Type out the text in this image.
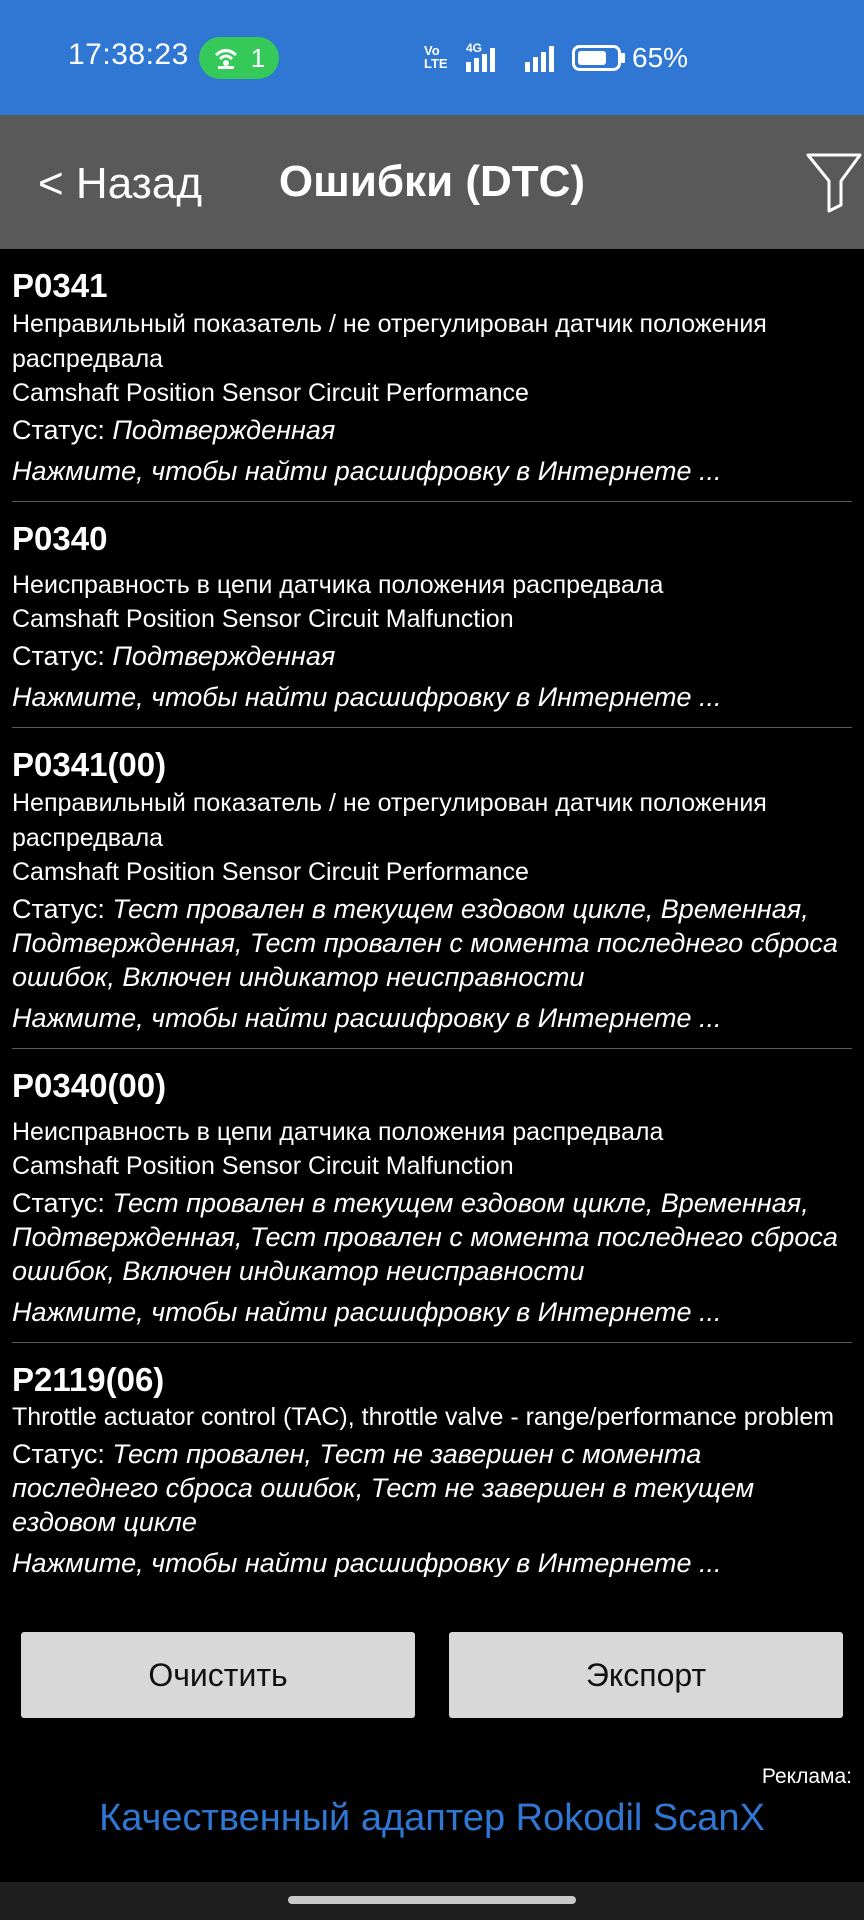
17:38:23 1	Vo LTE
4G	65%
< Назад	Ошибки (DTC)
P0341
Неправильный показатель / не отрегулирован датчик положения распредвала
Camshaft Position Sensor Circuit Performance
Статус: Подтвержденная
Нажмите, чтобы найти расшифровку в Интернете ...
P0340
Неисправность в цепи датчика положения распредвала
Camshaft Position Sensor Circuit Malfunction
Статус: Подтвержденная
Нажмите, чтобы найти расшифровку в Интернете ...
P0341(00)
Неправильный показатель / не отрегулирован датчик положения распредвала
Camshaft Position Sensor Circuit Performance
Статус: Тест провален в текущем ездовом цикле, Временная, Подтвержденная, Тест провален с момента последнего сброса ошибок, Включен индикатор неисправности
Нажмите, чтобы найти расшифровку в Интернете ...
P0340(00)
Неисправность в цепи датчика положения распредвала
Camshaft Position Sensor Circuit Malfunction
Статус: Тест провален в текущем ездовом цикле, Временная, Подтвержденная, Тест провален с момента последнего сброса ошибок, Включен индикатор неисправности
Нажмите, чтобы найти расшифровку в Интернете ...
P2119(06)
Throttle actuator control (TAC), throttle valve - range/performance problem
Статус: Тест провален, Тест не завершен с момента последнего сброса ошибок, Тест не завершен в текущем ездовом цикле
Нажмите, чтобы найти расшифровку в Интернете ...
Очистить	Экспорт
Реклама:
Качественный адаптер Rokodil ScanX
